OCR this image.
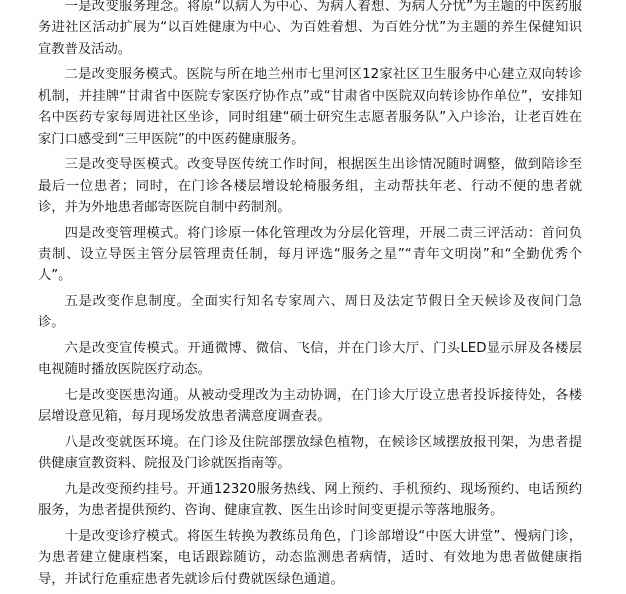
一是改变服务理念。将原“以病人为中心、为病人着想、为病人分忧”为主题的中医药服务进社区活动扩展为“以百姓健康为中心、为百姓着想、为百姓分忧”为主题的养生保健知识宣教普及活动。

二是改变服务模式。医院与所在地兰州市七里河区12家社区卫生服务中心建立双向转诊机制，并挂牌“甘肃省中医院专家医疗协作点”或“甘肃省中医院双向转诊协作单位”，安排知名中医药专家每周进社区坐诊，同时组建“硕士研究生志愿者服务队”入户诊治，让老百姓在家门口感受到“三甲医院”的中医药健康服务。

三是改变导医模式。改变导医传统工作时间，根据医生出诊情况随时调整，做到陪诊至最后一位患者；同时，在门诊各楼层增设轮椅服务组，主动帮扶年老、行动不便的患者就诊，并为外地患者邮寄医院自制中药制剂。

四是改变管理模式。将门诊原一体化管理改为分层化管理，开展二责三评活动：首问负责制、设立导医主管分层管理责任制，每月评选“服务之星”“青年文明岗”和“全勤优秀个人”。

五是改变作息制度。全面实行知名专家周六、周日及法定节假日全天候诊及夜间门急诊。

六是改变宣传模式。开通微博、微信、飞信，并在门诊大厅、门头LED显示屏及各楼层电视随时播放医院医疗动态。

七是改变医患沟通。从被动受理改为主动协调，在门诊大厅设立患者投诉接待处，各楼层增设意见箱，每月现场发放患者满意度调查表。

八是改变就医环境。在门诊及住院部摆放绿色植物，在候诊区域摆放报刊架，为患者提供健康宣教资料、院报及门诊就医指南等。

九是改变预约挂号。开通12320服务热线、网上预约、手机预约、现场预约、电话预约服务，为患者提供预约、咨询、健康宣教、医生出诊时间变更提示等落地服务。

十是改变诊疗模式。将医生转换为教练员角色，门诊部增设“中医大讲堂”、慢病门诊，为患者建立健康档案，电话跟踪随访，动态监测患者病情，适时、有效地为患者做健康指导，并试行危重症患者先就诊后付费就医绿色通道。
